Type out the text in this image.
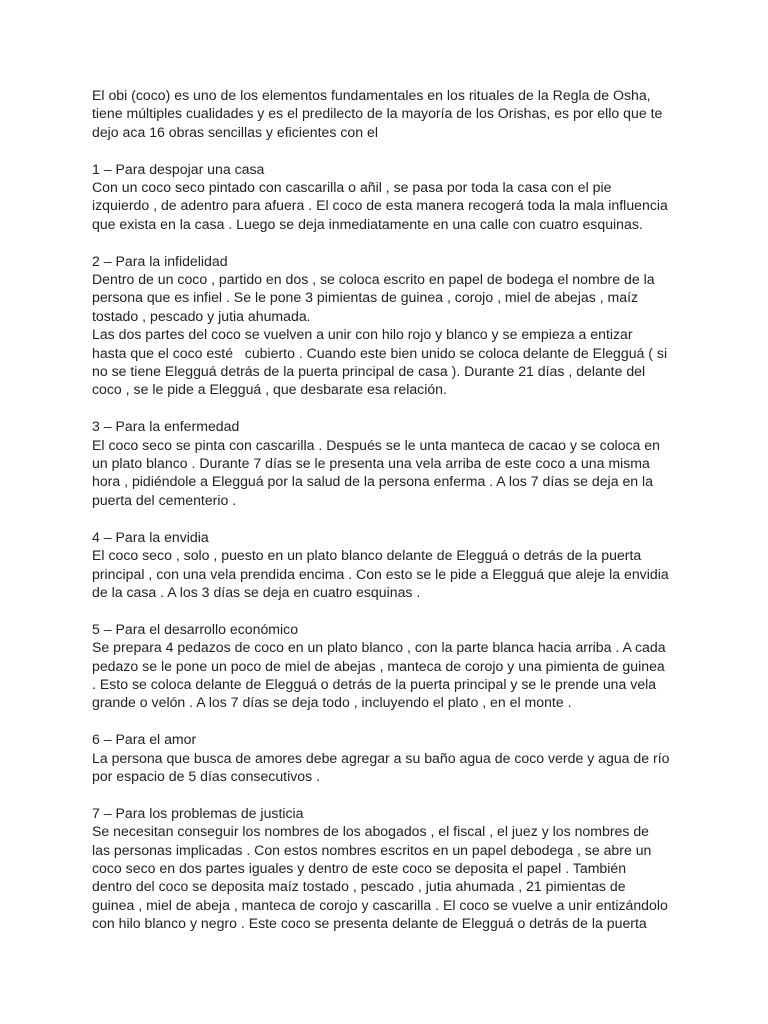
El obi (coco) es uno de los elementos fundamentales en los rituales de la Regla de Osha,
tiene múltiples cualidades y es el predilecto de la mayoría de los Orishas, es por ello que te
dejo aca 16 obras sencillas y eficientes con el
1 – Para despojar una casa
Con un coco seco pintado con cascarilla o añil , se pasa por toda la casa con el pie
izquierdo , de adentro para afuera . El coco de esta manera recogerá toda la mala influencia
que exista en la casa . Luego se deja inmediatamente en una calle con cuatro esquinas.
2 – Para la infidelidad
Dentro de un coco , partido en dos , se coloca escrito en papel de bodega el nombre de la
persona que es infiel . Se le pone 3 pimientas de guinea , corojo , miel de abejas , maíz
tostado , pescado y jutia ahumada.
Las dos partes del coco se vuelven a unir con hilo rojo y blanco y se empieza a entizar
hasta que el coco esté   cubierto . Cuando este bien unido se coloca delante de Elegguá ( si
no se tiene Elegguá detrás de la puerta principal de casa ). Durante 21 días , delante del
coco , se le pide a Elegguá , que desbarate esa relación.
3 – Para la enfermedad
El coco seco se pinta con cascarilla . Después se le unta manteca de cacao y se coloca en
un plato blanco . Durante 7 días se le presenta una vela arriba de este coco a una misma
hora , pidiéndole a Elegguá por la salud de la persona enferma . A los 7 días se deja en la
puerta del cementerio .
4 – Para la envidia
El coco seco , solo , puesto en un plato blanco delante de Elegguá o detrás de la puerta
principal , con una vela prendida encima . Con esto se le pide a Elegguá que aleje la envidia
de la casa . A los 3 días se deja en cuatro esquinas .
5 – Para el desarrollo económico
Se prepara 4 pedazos de coco en un plato blanco , con la parte blanca hacia arriba . A cada
pedazo se le pone un poco de miel de abejas , manteca de corojo y una pimienta de guinea
. Esto se coloca delante de Elegguá o detrás de la puerta principal y se le prende una vela
grande o velón . A los 7 días se deja todo , incluyendo el plato , en el monte .
6 – Para el amor
La persona que busca de amores debe agregar a su baño agua de coco verde y agua de río
por espacio de 5 días consecutivos .
7 – Para los problemas de justicia
Se necesitan conseguir los nombres de los abogados , el fiscal , el juez y los nombres de
las personas implicadas . Con estos nombres escritos en un papel debodega , se abre un
coco seco en dos partes iguales y dentro de este coco se deposita el papel . También
dentro del coco se deposita maíz tostado , pescado , jutia ahumada , 21 pimientas de
guinea , miel de abeja , manteca de corojo y cascarilla . El coco se vuelve a unir entizándolo
con hilo blanco y negro . Este coco se presenta delante de Elegguá o detrás de la puerta
